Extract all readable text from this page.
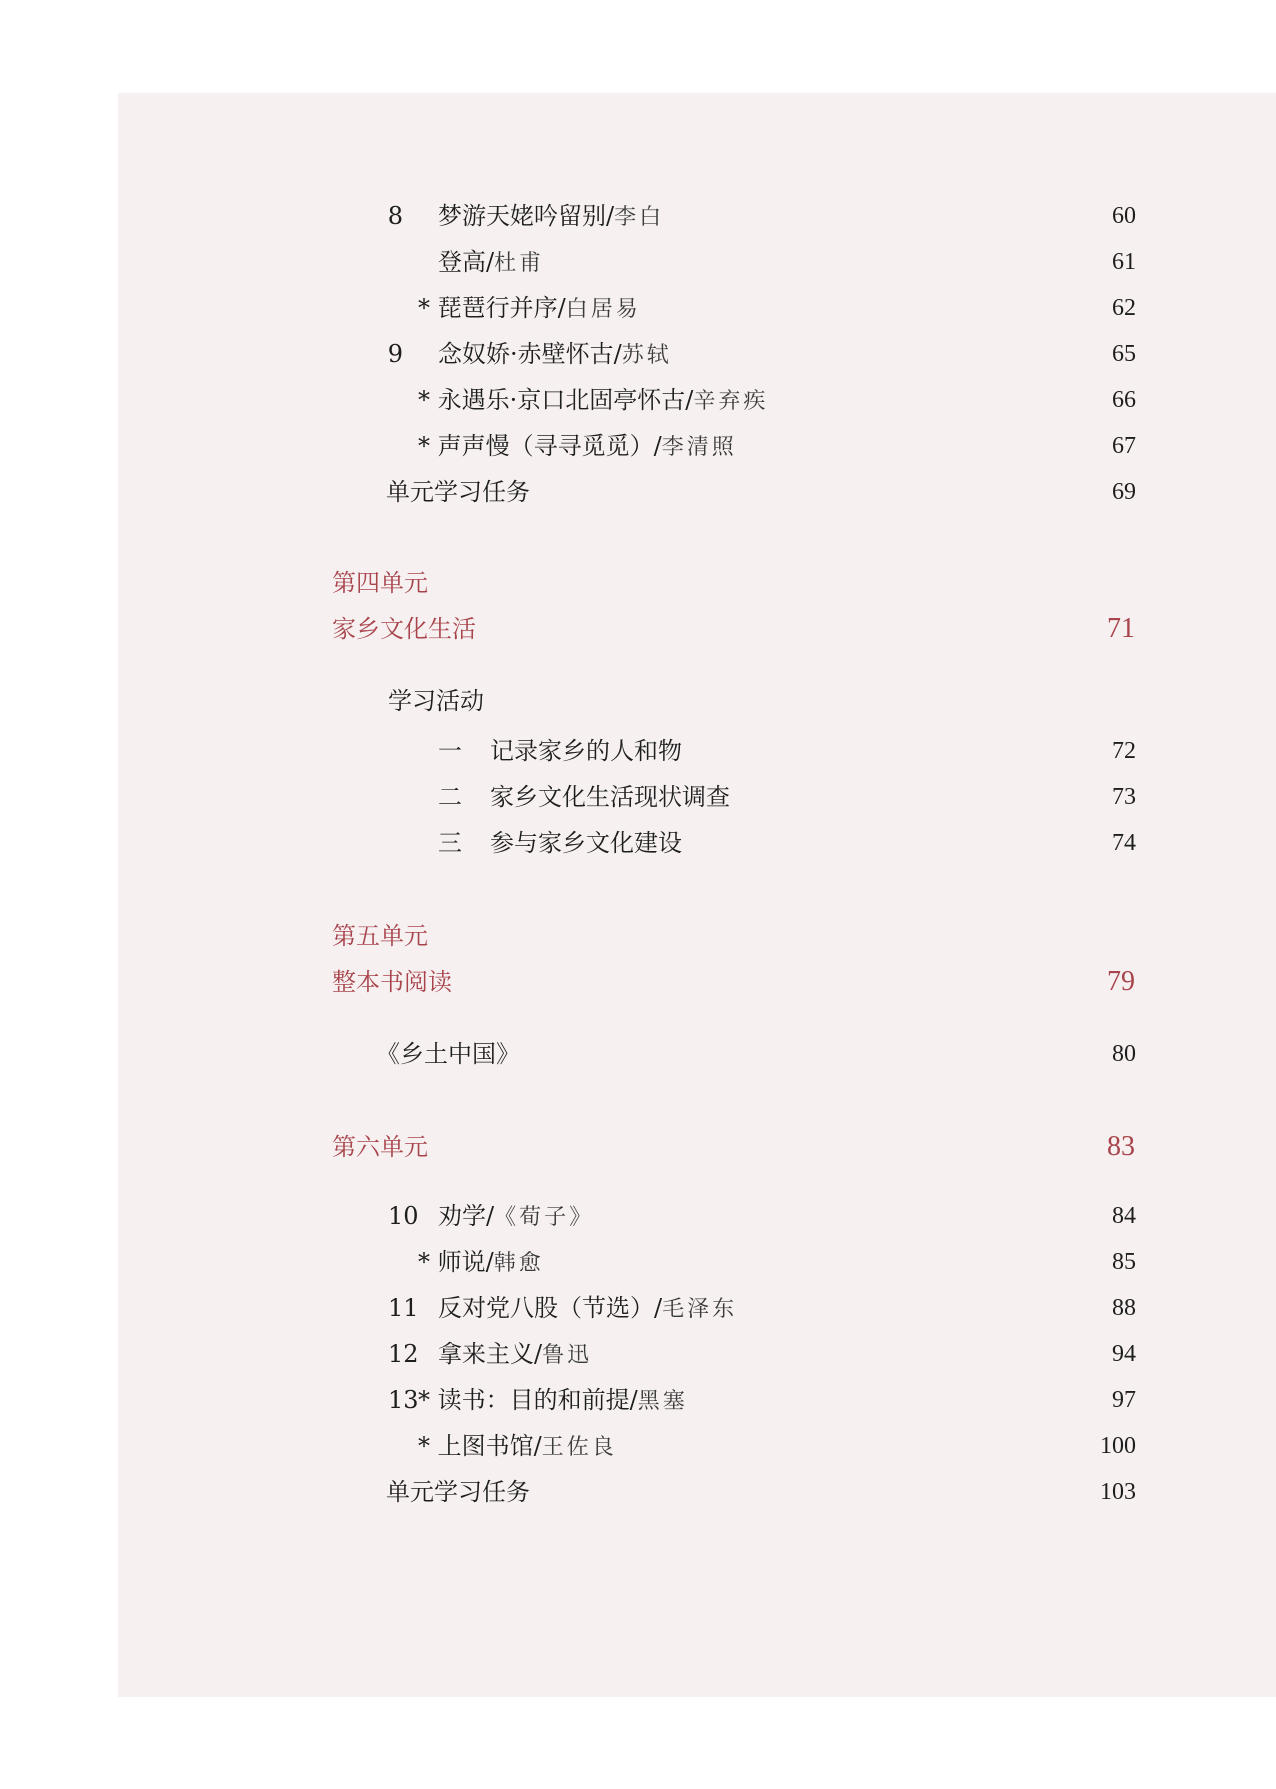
8 梦游天姥吟留别/李白	60
登高/杜甫	61
* 琵琶行并序/白居易	62
9 念奴娇·赤壁怀古/苏轼	65
* 永遇乐·京口北固亭怀古/辛弃疾	66
* 声声慢（寻寻觅觅）/李清照	67
单元学习任务	69
第四单元
家乡文化生活	71
学习活动
一 记录家乡的人和物	72
二 家乡文化生活现状调查	73
三 参与家乡文化建设	74
第五单元
整本书阅读	79
《乡土中国》	80
第六单元	83
10 劝学/《荀子》	84
* 师说/韩愈	85
11 反对党八股（节选）/毛泽东	88
12 拿来主义/鲁迅	94
13 * 读书：目的和前提/黑塞	97
* 上图书馆/王佐良	100
单元学习任务	103
